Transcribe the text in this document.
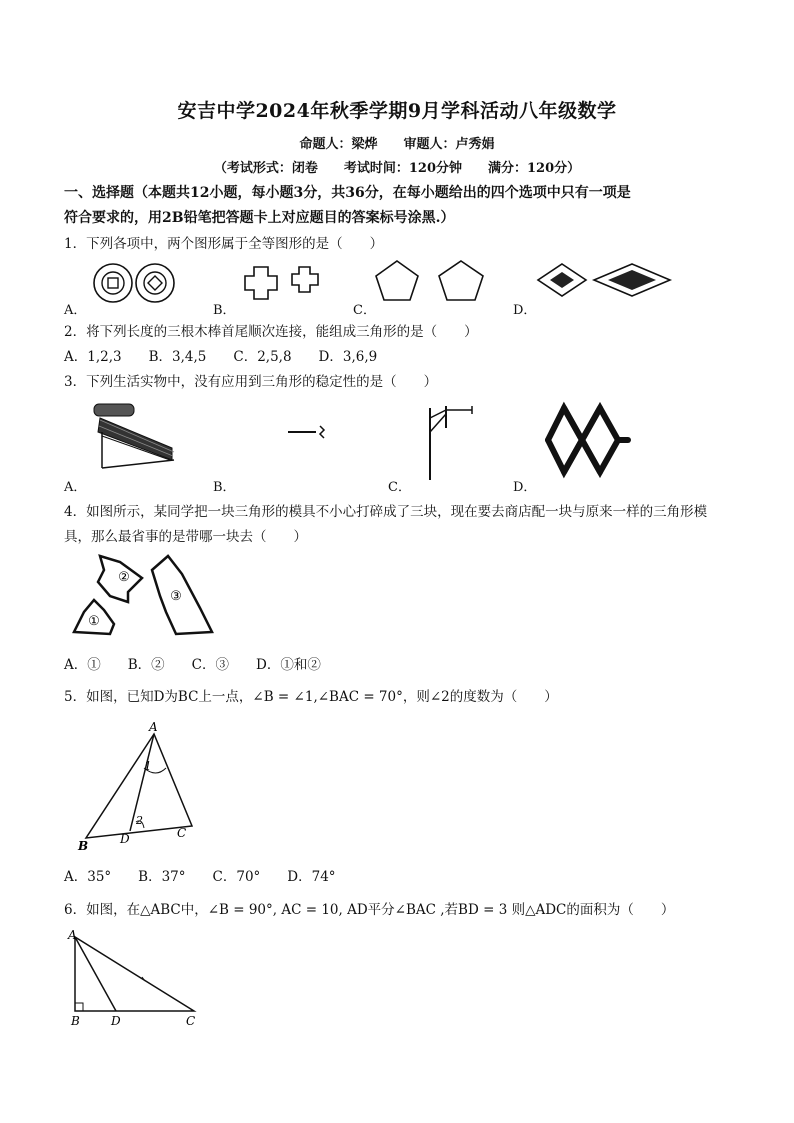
安吉中学2024年秋季学期9月学科活动八年级数学
命题人：梁烨　　审题人：卢秀娟
（考试形式：闭卷　　考试时间：120分钟　　满分：120分）
一、选择题（本题共12小题，每小题3分，共36分，在每小题给出的四个选项中只有一项是
符合要求的，用2B铅笔把答题卡上对应题目的答案标号涂黑.）
1．下列各项中，两个图形属于全等图形的是（　　）
A．	B．	C．	D．
2．将下列长度的三根木棒首尾顺次连接，能组成三角形的是（　　）
A．1,2,3　　B．3,4,5　　C．2,5,8　　D．3,6,9
3．下列生活实物中，没有应用到三角形的稳定性的是（　　）
A．	B．	C．	D．
4．如图所示，某同学把一块三角形的模具不小心打碎成了三块，现在要去商店配一块与原来一样的三角形模
具，那么最省事的是带哪一块去（　　）
②
③
①
A．①　　B．②　　C．③　　D．①和②
5．如图，已知D为BC上一点，∠B = ∠1,∠BAC = 70°，则∠2的度数为（　　）
A
1
2
B	D	C
A．35°　　B．37°　　C．70°　　D．74°
6．如图，在△ABC中，∠B = 90°, AC = 10, AD平分∠BAC ,若BD = 3 则△ADC的面积为（　　）
A
B	D	C
